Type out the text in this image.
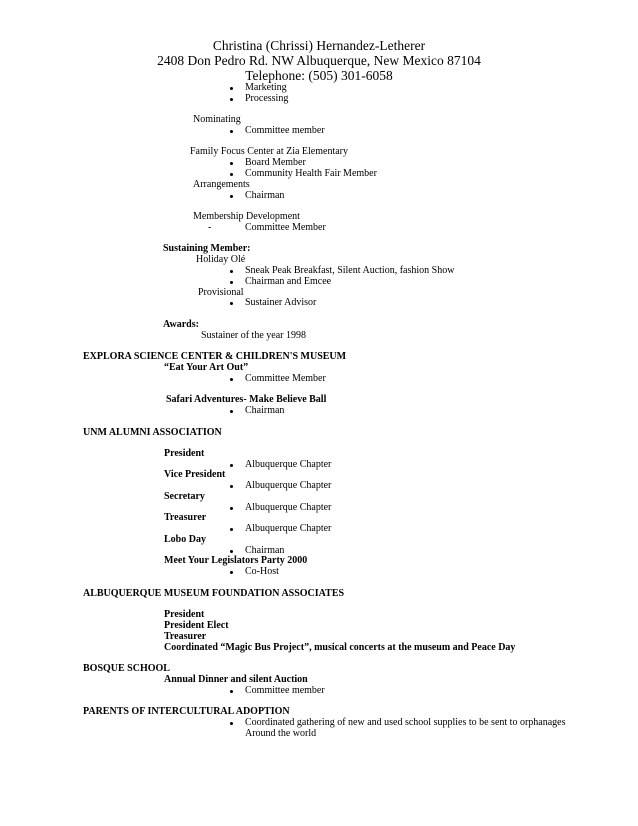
Christina (Chrissi) Hernandez-Letherer
2408 Don Pedro Rd. NW Albuquerque, New Mexico 87104
Telephone: (505) 301-6058
Marketing
Processing
Nominating
Committee member
Family Focus Center at Zia Elementary
Board Member
Community Health Fair Member
Arrangements
Chairman
Membership Development
-	Committee Member
Sustaining Member:
Holiday Olé
Sneak Peak Breakfast, Silent Auction, fashion Show
Chairman and Emcee
Provisional
Sustainer Advisor
Awards:
Sustainer of the year 1998
EXPLORA SCIENCE CENTER & CHILDREN'S MUSEUM
“Eat Your Art Out”
Committee Member
Safari Adventures- Make Believe Ball
Chairman
UNM ALUMNI ASSOCIATION
President
Albuquerque Chapter
Vice President
Albuquerque Chapter
Secretary
Albuquerque Chapter
Treasurer
Albuquerque Chapter
Lobo Day
Chairman
Meet Your Legislators Party 2000
Co-Host
ALBUQUERQUE MUSEUM FOUNDATION ASSOCIATES
President
President Elect
Treasurer
Coordinated “Magic Bus Project”, musical concerts at the museum and Peace Day
BOSQUE SCHOOL
Annual Dinner and silent Auction
Committee member
PARENTS OF INTERCULTURAL ADOPTION
Coordinated gathering of new and used school supplies to be sent to orphanages
Around the world
